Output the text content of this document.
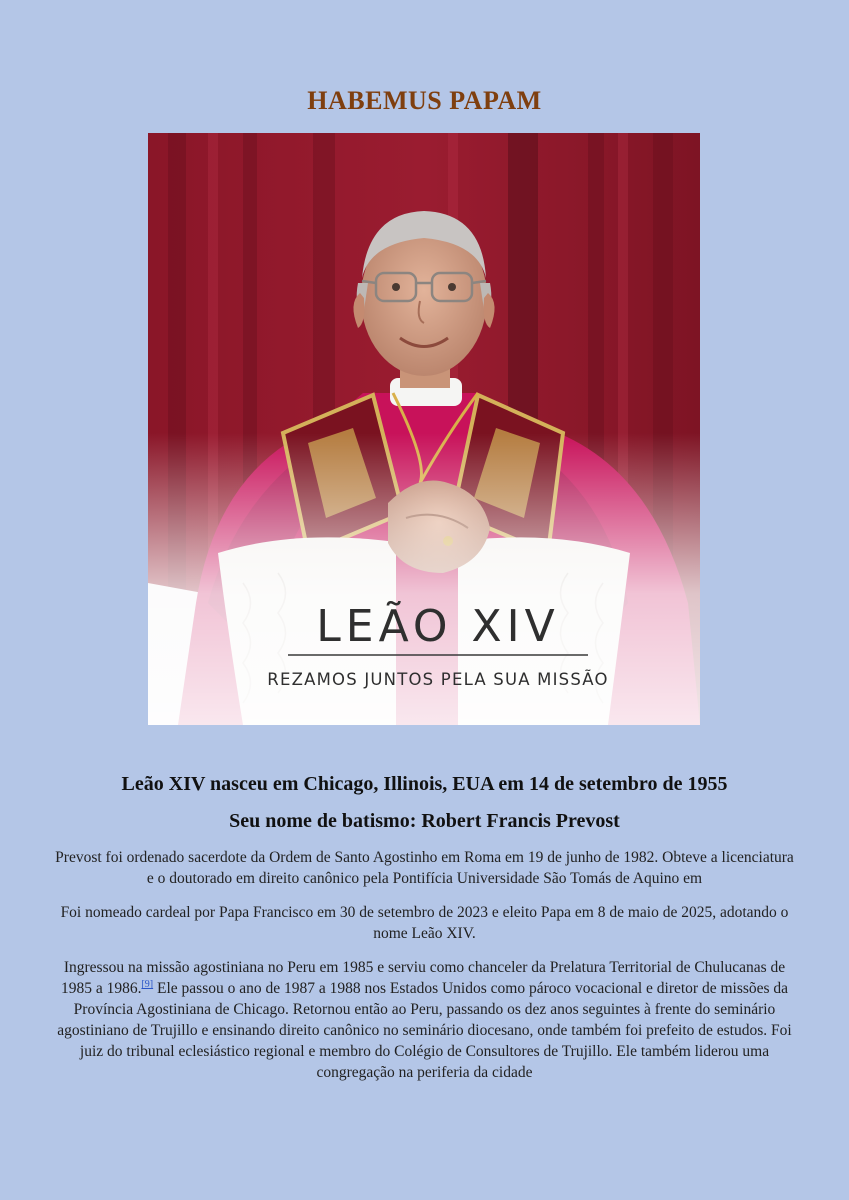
HABEMUS PAPAM
LEÃO XIV
REZAMOS JUNTOS PELA SUA MISSÃO
Leão XIV nasceu em Chicago, Illinois, EUA em 14 de setembro de 1955
Seu nome de batismo: Robert Francis Prevost
Prevost foi ordenado sacerdote da Ordem de Santo Agostinho em Roma em 19 de junho de 1982. Obteve a licenciatura e o doutorado em direito canônico pela Pontifícia Universidade São Tomás de Aquino em
Foi nomeado cardeal por Papa Francisco em 30 de setembro de 2023 e eleito Papa em 8 de maio de 2025, adotando o nome Leão XIV.
Ingressou na missão agostiniana no Peru em 1985 e serviu como chanceler da Prelatura Territorial de Chulucanas de 1985 a 1986.[9] Ele passou o ano de 1987 a 1988 nos Estados Unidos como pároco vocacional e diretor de missões da Província Agostiniana de Chicago. Retornou então ao Peru, passando os dez anos seguintes à frente do seminário agostiniano de Trujillo e ensinando direito canônico no seminário diocesano, onde também foi prefeito de estudos. Foi juiz do tribunal eclesiástico regional e membro do Colégio de Consultores de Trujillo. Ele também liderou uma congregação na periferia da cidade
